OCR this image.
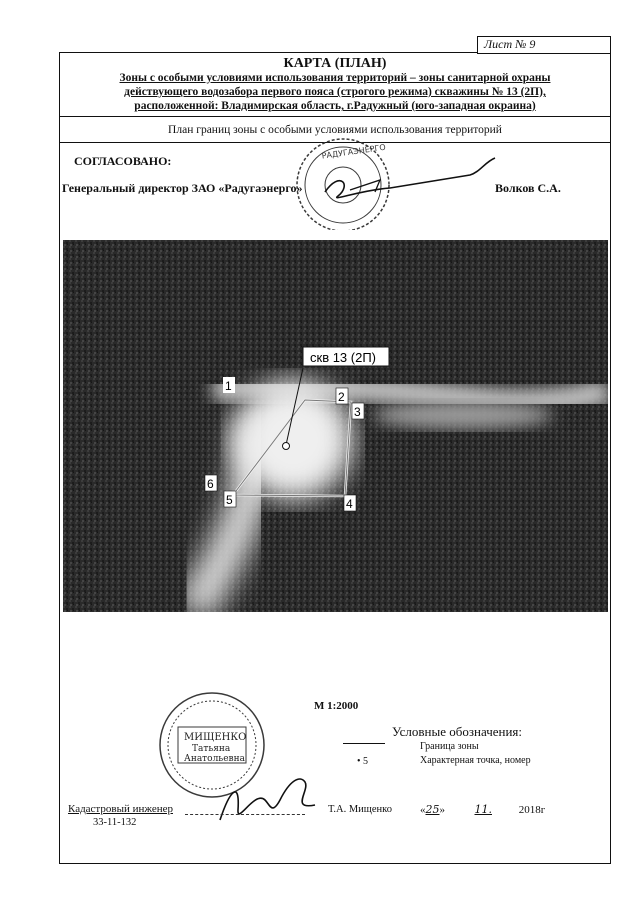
Лист № 9
КАРТА (ПЛАН)
Зоны с особыми условиями использования территорий – зоны санитарной охраны
действующего водозабора первого пояса (строгого режима) скважины № 13 (2П),
расположенной: Владимирская область, г.Радужный (юго-западная окраина)
План границ зоны с особыми условиями использования территорий
СОГЛАСОВАНО:
Генеральный директор ЗАО «Радугаэнерго»	Волков С.А.
РАДУГАЭНЕРГО
скв 13 (2П)
1
2
3
4
5
6
М 1:2000
Условные обозначения:
Граница зоны
• 5	Характерная точка, номер
МИЩЕНКО
Татьяна
Анатольевна
Кадастровый инженер
33-11-132
Т.А. Мищенко	«25»   11. 2018г
